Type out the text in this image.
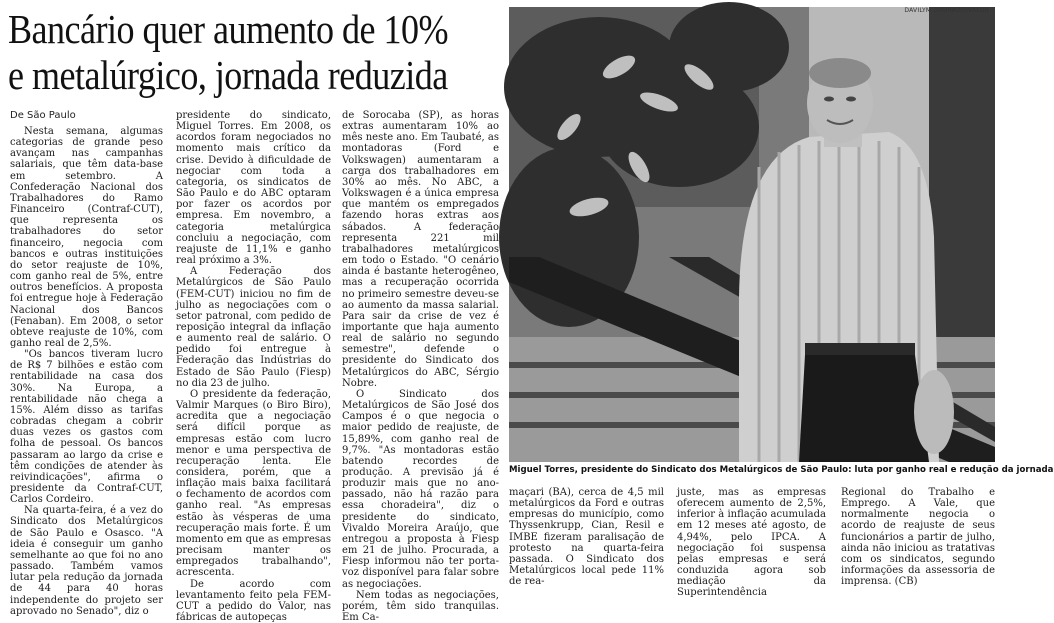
Bancário quer aumento de 10%
e metalúrgico, jornada reduzida
De São Paulo

Nesta semana, algumas categorias de grande peso avançam nas campanhas salariais, que têm data-base em setembro. A Confederação Nacional dos Trabalhadores do Ramo Financeiro (Contraf-CUT), que representa os trabalhadores do setor financeiro, negocia com bancos e outras instituições do setor reajuste de 10%, com ganho real de 5%, entre outros benefícios. A proposta foi entregue hoje à Federação Nacional dos Bancos (Fenaban). Em 2008, o setor obteve reajuste de 10%, com ganho real de 2,5%.

"Os bancos tiveram lucro de R$ 7 bilhões e estão com rentabilidade na casa dos 30%. Na Europa, a rentabilidade não chega a 15%. Além disso as tarifas cobradas chegam a cobrir duas vezes os gastos com folha de pessoal. Os bancos passaram ao largo da crise e têm condições de atender às reivindicações", afirma o presidente da Contraf-CUT, Carlos Cordeiro.

Na quarta-feira, é a vez do Sindicato dos Metalúrgicos de São Paulo e Osasco. "A ideia é conseguir um ganho semelhante ao que foi no ano passado. Também vamos lutar pela redução da jornada de 44 para 40 horas independente do projeto ser aprovado no Senado", diz o

presidente do sindicato, Miguel Torres. Em 2008, os acordos foram negociados no momento mais crítico da crise. Devido à dificuldade de negociar com toda a categoria, os sindicatos de São Paulo e do ABC optaram por fazer os acordos por empresa. Em novembro, a categoria metalúrgica concluiu a negociação, com reajuste de 11,1% e ganho real próximo a 3%.

A Federação dos Metalúrgicos de São Paulo (FEM-CUT) iniciou no fim de julho as negociações com o setor patronal, com pedido de reposição integral da inflação e aumento real de salário. O pedido foi entregue à Federação das Indústrias do Estado de São Paulo (Fiesp) no dia 23 de julho.

O presidente da federação, Valmir Marques (o Biro Biro), acredita que a negociação será difícil porque as empresas estão com lucro menor e uma perspectiva de recuperação lenta. Ele considera, porém, que a inflação mais baixa facilitará o fechamento de acordos com ganho real. "As empresas estão às vésperas de uma recuperação mais forte. É um momento em que as empresas precisam manter os empregados trabalhando", acrescenta.

De acordo com levantamento feito pela FEM-CUT a pedido do Valor, nas fábricas de autopeças

de Sorocaba (SP), as horas extras aumentaram 10% ao mês neste ano. Em Taubaté, as montadoras (Ford e Volkswagen) aumentaram a carga dos trabalhadores em 30% ao mês. No ABC, a Volkswagen é a única empresa que mantém os empregados fazendo horas extras aos sábados. A federação representa 221 mil trabalhadores metalúrgicos em todo o Estado. "O cenário ainda é bastante heterogêneo, mas a recuperação ocorrida no primeiro semestre deveu-se ao aumento da massa salarial. Para sair da crise de vez é importante que haja aumento real de salário no segundo semestre", defende o presidente do Sindicato dos Metalúrgicos do ABC, Sérgio Nobre.

O Sindicato dos Metalúrgicos de São José dos Campos é o que negocia o maior pedido de reajuste, de 15,89%, com ganho real de 9,7%. "As montadoras estão batendo recordes de produção. A previsão já é produzir mais que no ano-passado, não há razão para essa choradeira", diz o presidente do sindicato, Vivaldo Moreira Araújo, que entregou a proposta à Fiesp em 21 de julho. Procurada, a Fiesp informou não ter porta-voz disponível para falar sobre as negociações.

Nem todas as negociações, porém, têm sido tranquilas. Em Ca-

DAVILYM DOURADO/VALOR
Miguel Torres, presidente do Sindicato dos Metalúrgicos de São Paulo: luta por ganho real e redução da jornada

maçari (BA), cerca de 4,5 mil metalúrgicos da Ford e outras empresas do município, como Thyssenkrupp, Cian, Resil e IMBE fizeram paralisação de protesto na quarta-feira passada. O Sindicato dos Metalúrgicos local pede 11% de rea-

juste, mas as empresas oferecem aumento de 2,5%, inferior à inflação acumulada em 12 meses até agosto, de 4,94%, pelo IPCA. A negociação foi suspensa pelas empresas e será conduzida agora sob mediação da Superintendência

Regional do Trabalho e Emprego. A Vale, que normalmente negocia o acordo de reajuste de seus funcionários a partir de julho, ainda não iniciou as tratativas com os sindicatos, segundo informações da assessoria de imprensa. (CB)
